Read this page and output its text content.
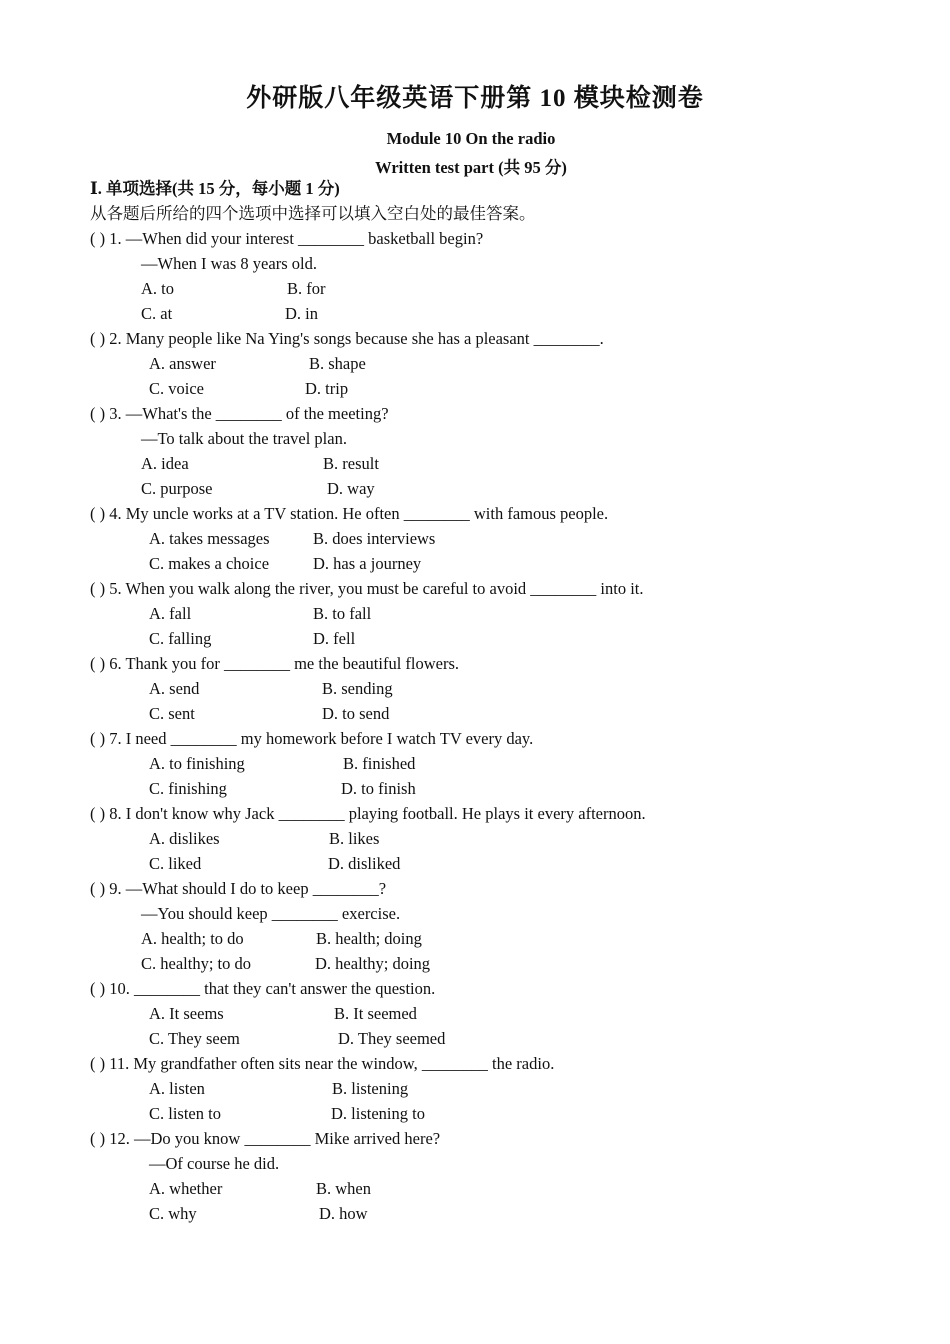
外研版八年级英语下册第 10 模块检测卷
Module 10 On the radio
Written test part (共 95 分)
Ⅰ. 单项选择(共 15 分，每小题 1 分)
从各题后所给的四个选项中选择可以填入空白处的最佳答案。
( ) 1. —When did your interest ________ basketball begin?
—When I was 8 years old.
A. to	B. for
C. at	D. in
( ) 2. Many people like Na Ying's songs because she has a pleasant ________.
A. answer	B. shape
C. voice	D. trip
( ) 3. —What's the ________ of the meeting?
—To talk about the travel plan.
A. idea	B. result
C. purpose	D. way
( ) 4. My uncle works at a TV station. He often ________ with famous people.
A. takes messages	B. does interviews
C. makes a choice	D. has a journey
( ) 5. When you walk along the river, you must be careful to avoid ________ into it.
A. fall	B. to fall
C. falling	D. fell
( ) 6. Thank you for ________ me the beautiful flowers.
A. send	B. sending
C. sent	D. to send
( ) 7. I need ________ my homework before I watch TV every day.
A. to finishing	B. finished
C. finishing	D. to finish
( ) 8. I don't know why Jack ________ playing football. He plays it every afternoon.
A. dislikes	B. likes
C. liked	D. disliked
( ) 9. —What should I do to keep ________?
—You should keep ________ exercise.
A. health; to do	B. health; doing
C. healthy; to do	D. healthy; doing
( ) 10. ________ that they can't answer the question.
A. It seems	B. It seemed
C. They seem	D. They seemed
( ) 11. My grandfather often sits near the window, ________ the radio.
A. listen	B. listening
C. listen to	D. listening to
( ) 12. —Do you know ________ Mike arrived here?
—Of course he did.
A. whether	B. when
C. why	D. how
